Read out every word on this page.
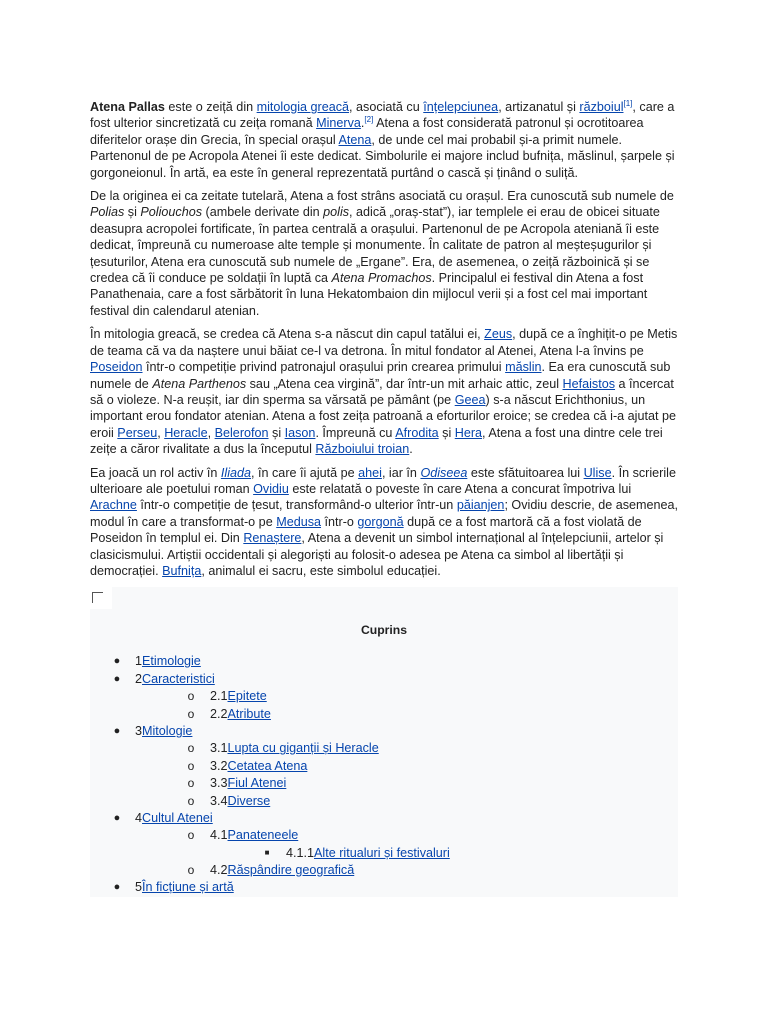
Atena Pallas este o zeiță din mitologia greacă, asociată cu înțelepciunea, artizanatul și războiul[1], care a fost ulterior sincretizată cu zeița romană Minerva.[2] Atena a fost considerată patronul și ocrotitoarea diferitelor orașe din Grecia, în special orașul Atena, de unde cel mai probabil și-a primit numele. Partenonul de pe Acropola Atenei îi este dedicat. Simbolurile ei majore includ bufnița, măslinul, șarpele și gorgoneionul. În artă, ea este în general reprezentată purtând o cască și ținând o suliță.

De la originea ei ca zeitate tutelară, Atena a fost strâns asociată cu orașul. Era cunoscută sub numele de Polias și Poliouchos (ambele derivate din polis, adică „oraș-stat”), iar templele ei erau de obicei situate deasupra acropolei fortificate, în partea centrală a orașului. Partenonul de pe Acropola ateniană îi este dedicat, împreună cu numeroase alte temple și monumente. În calitate de patron al meșteșugurilor și țesuturilor, Atena era cunoscută sub numele de „Ergane”. Era, de asemenea, o zeiță războinică și se credea că îi conduce pe soldații în luptă ca Atena Promachos. Principalul ei festival din Atena a fost Panathenaia, care a fost sărbătorit în luna Hekatombaion din mijlocul verii și a fost cel mai important festival din calendarul atenian.

În mitologia greacă, se credea că Atena s-a născut din capul tatălui ei, Zeus, după ce a înghițit-o pe Metis de teama că va da naștere unui băiat ce-l va detrona. În mitul fondator al Atenei, Atena l-a învins pe Poseidon într-o competiție privind patronajul orașului prin crearea primului măslin. Ea era cunoscută sub numele de Atena Parthenos sau „Atena cea virgină”, dar într-un mit arhaic attic, zeul Hefaistos a încercat să o violeze. N-a reușit, iar din sperma sa vărsată pe pământ (pe Geea) s-a născut Erichthonius, un important erou fondator atenian. Atena a fost zeița patroană a eforturilor eroice; se credea că i-a ajutat pe eroii Perseu, Heracle, Belerofon și Iason. Împreună cu Afrodita și Hera, Atena a fost una dintre cele trei zeițe a căror rivalitate a dus la începutul Războiului troian.

Ea joacă un rol activ în Iliada, în care îi ajută pe ahei, iar în Odiseea este sfătuitoarea lui Ulise. În scrierile ulterioare ale poetului roman Ovidiu este relatată o poveste în care Atena a concurat împotriva lui Arachne într-o competiție de țesut, transformând-o ulterior într-un păianjen; Ovidiu descrie, de asemenea, modul în care a transformat-o pe Medusa într-o gorgonă după ce a fost martoră că a fost violată de Poseidon în templul ei. Din Renaștere, Atena a devenit un simbol internațional al înțelepciunii, artelor și clasicismului. Artiștii occidentali și alegoriști au folosit-o adesea pe Atena ca simbol al libertății și democrației. Bufnița, animalul ei sacru, este simbolul educației.

Cuprins
● 1Etimologie
● 2Caracteristici
o 2.1Epitete
o 2.2Atribute
● 3Mitologie
o 3.1Lupta cu giganții și Heracle
o 3.2Cetatea Atena
o 3.3Fiul Atenei
o 3.4Diverse
● 4Cultul Atenei
o 4.1Panateneele
■ 4.1.1Alte ritualuri și festivaluri
o 4.2Răspândire geografică
● 5În ficțiune și artă
